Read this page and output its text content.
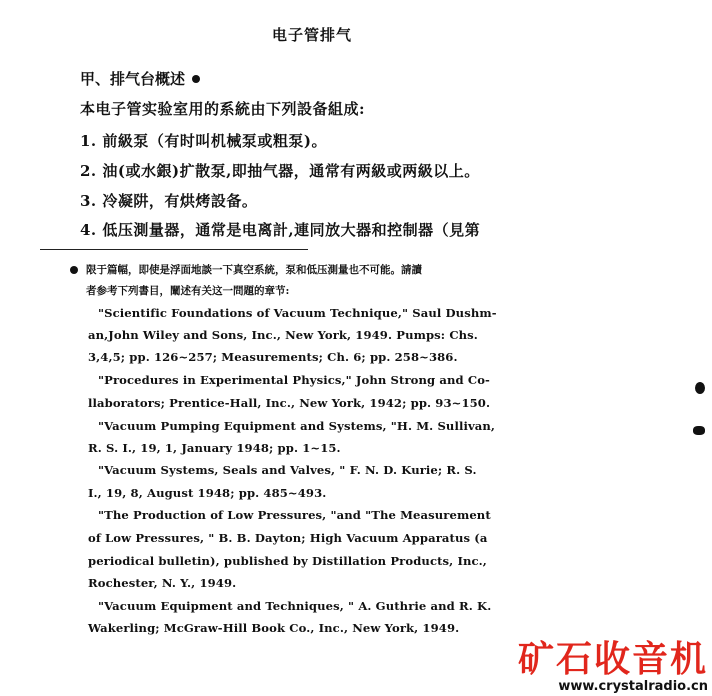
电子管排气
甲、排气台概述
本电子管实验室用的系統由下列設备組成:
1. 前級泵（有时叫机械泵或粗泵)。
2. 油(或水銀)扩散泵,即抽气器，通常有两級或两級以上。
3. 冷凝阱，有烘烤設备。
4. 低压測量器，通常是电离計,連同放大器和控制器（見第
限于篇幅，即使是浮面地談一下真空系統，泵和低压測量也不可能。請讀
者参考下列書目，闡述有关这一問題的章节:
"Scientific Foundations of Vacuum Technique," Saul Dushm-
an,John Wiley and Sons, Inc., New York, 1949. Pumps: Chs.
3,4,5; pp. 126~257; Measurements; Ch. 6; pp. 258~386.
"Procedures in Experimental Physics," John Strong and Co-
llaborators; Prentice-Hall, Inc., New York, 1942; pp. 93~150.
"Vacuum Pumping Equipment and Systems, "H. M. Sullivan,
R. S. I., 19, 1, January 1948; pp. 1~15.
"Vacuum Systems, Seals and Valves, " F. N. D. Kurie; R. S.
I., 19, 8, August 1948; pp. 485~493.
"The Production of Low Pressures, "and "The Measurement
of Low Pressures, " B. B. Dayton; High Vacuum Apparatus (a
periodical bulletin), published by Distillation Products, Inc.,
Rochester, N. Y., 1949.
"Vacuum Equipment and Techniques, " A. Guthrie and R. K.
Wakerling; McGraw-Hill Book Co., Inc., New York, 1949.
矿石收音机
www.crystalradio.cn
